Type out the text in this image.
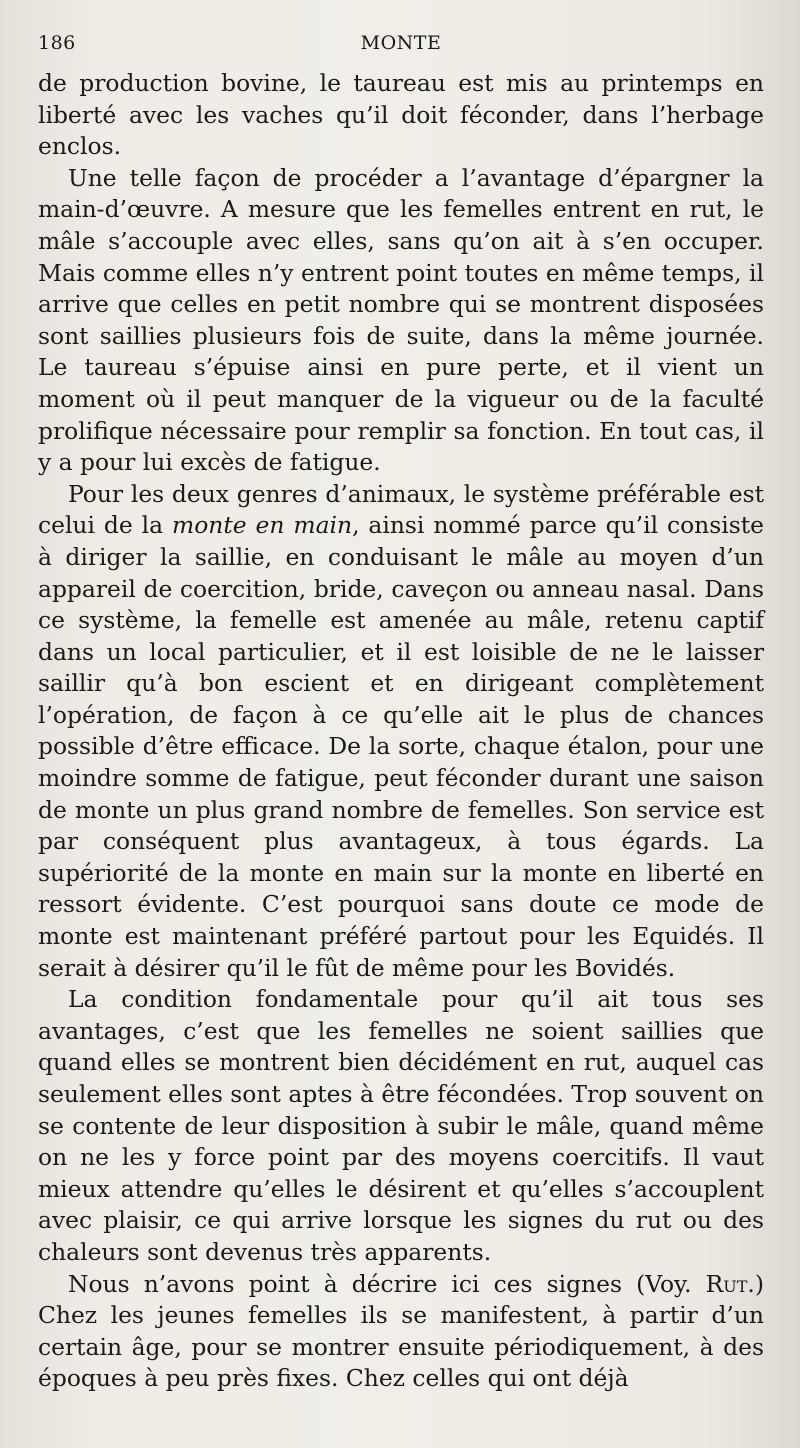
186	MONTE

de production bovine, le taureau est mis au printemps en liberté avec les vaches qu’il doit féconder, dans l’herbage enclos.

Une telle façon de procéder a l’avantage d’épargner la main-d’œuvre. A mesure que les femelles entrent en rut, le mâle s’accouple avec elles, sans qu’on ait à s’en occuper. Mais comme elles n’y entrent point toutes en même temps, il arrive que celles en petit nombre qui se montrent disposées sont saillies plusieurs fois de suite, dans la même journée. Le taureau s’épuise ainsi en pure perte, et il vient un moment où il peut manquer de la vigueur ou de la faculté prolifique nécessaire pour remplir sa fonction. En tout cas, il y a pour lui excès de fatigue.

Pour les deux genres d’animaux, le système préférable est celui de la monte en main, ainsi nommé parce qu’il consiste à diriger la saillie, en conduisant le mâle au moyen d’un appareil de coercition, bride, caveçon ou anneau nasal. Dans ce système, la femelle est amenée au mâle, retenu captif dans un local particulier, et il est loisible de ne le laisser saillir qu’à bon escient et en dirigeant complètement l’opération, de façon à ce qu’elle ait le plus de chances possible d’être efficace. De la sorte, chaque étalon, pour une moindre somme de fatigue, peut féconder durant une saison de monte un plus grand nombre de femelles. Son service est par conséquent plus avantageux, à tous égards. La supériorité de la monte en main sur la monte en liberté en ressort évidente. C’est pourquoi sans doute ce mode de monte est maintenant préféré partout pour les Equidés. Il serait à désirer qu’il le fût de même pour les Bovidés.

La condition fondamentale pour qu’il ait tous ses avantages, c’est que les femelles ne soient saillies que quand elles se montrent bien décidément en rut, auquel cas seulement elles sont aptes à être fécondées. Trop souvent on se contente de leur disposition à subir le mâle, quand même on ne les y force point par des moyens coercitifs. Il vaut mieux attendre qu’elles le désirent et qu’elles s’accouplent avec plaisir, ce qui arrive lorsque les signes du rut ou des chaleurs sont devenus très apparents.

Nous n’avons point à décrire ici ces signes (Voy. Rut.) Chez les jeunes femelles ils se manifestent, à partir d’un certain âge, pour se montrer ensuite périodiquement, à des époques à peu près fixes. Chez celles qui ont déjà
